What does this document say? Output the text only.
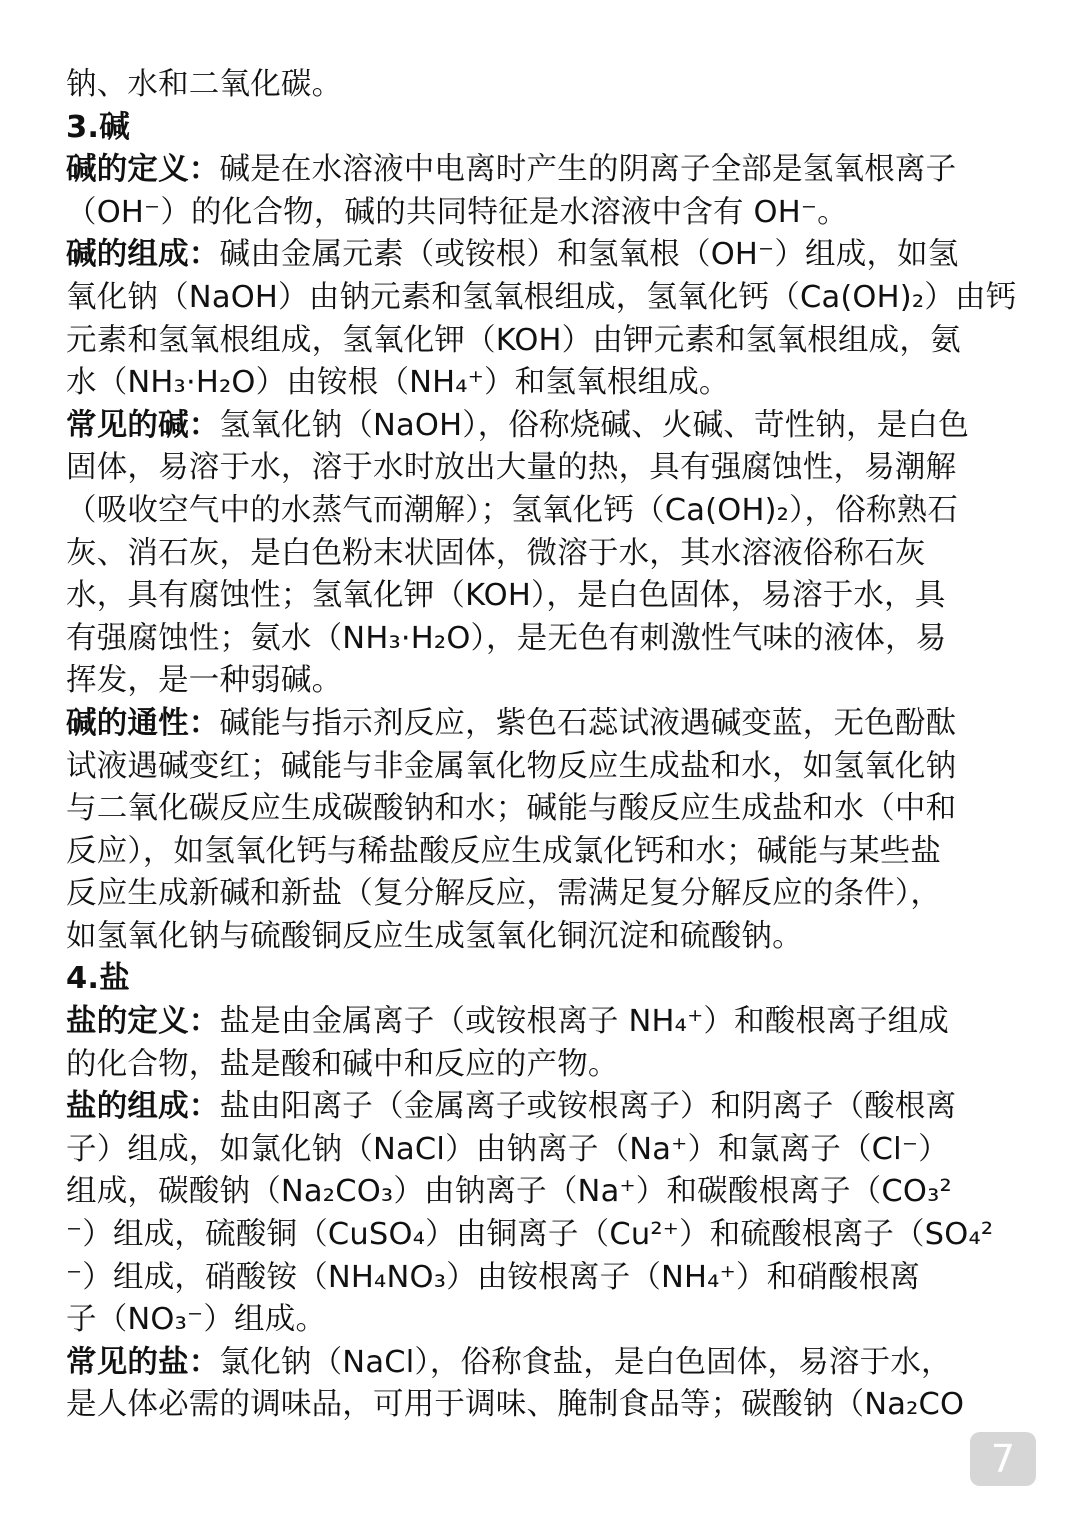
钠、水和二氧化碳。
3.碱
碱的定义：碱是在水溶液中电离时产生的阴离子全部是氢氧根离子
（OH⁻）的化合物，碱的共同特征是水溶液中含有 OH⁻。
碱的组成：碱由金属元素（或铵根）和氢氧根（OH⁻）组成，如氢
氧化钠（NaOH）由钠元素和氢氧根组成，氢氧化钙（Ca(OH)₂）由钙
元素和氢氧根组成，氢氧化钾（KOH）由钾元素和氢氧根组成，氨
水（NH₃·H₂O）由铵根（NH₄⁺）和氢氧根组成。
常见的碱：氢氧化钠（NaOH），俗称烧碱、火碱、苛性钠，是白色
固体，易溶于水，溶于水时放出大量的热，具有强腐蚀性，易潮解
（吸收空气中的水蒸气而潮解）；氢氧化钙（Ca(OH)₂），俗称熟石
灰、消石灰，是白色粉末状固体，微溶于水，其水溶液俗称石灰
水，具有腐蚀性；氢氧化钾（KOH），是白色固体，易溶于水，具
有强腐蚀性；氨水（NH₃·H₂O），是无色有刺激性气味的液体，易
挥发，是一种弱碱。
碱的通性：碱能与指示剂反应，紫色石蕊试液遇碱变蓝，无色酚酞
试液遇碱变红；碱能与非金属氧化物反应生成盐和水，如氢氧化钠
与二氧化碳反应生成碳酸钠和水；碱能与酸反应生成盐和水（中和
反应），如氢氧化钙与稀盐酸反应生成氯化钙和水；碱能与某些盐
反应生成新碱和新盐（复分解反应，需满足复分解反应的条件），
如氢氧化钠与硫酸铜反应生成氢氧化铜沉淀和硫酸钠。
4.盐
盐的定义：盐是由金属离子（或铵根离子 NH₄⁺）和酸根离子组成
的化合物，盐是酸和碱中和反应的产物。
盐的组成：盐由阳离子（金属离子或铵根离子）和阴离子（酸根离
子）组成，如氯化钠（NaCl）由钠离子（Na⁺）和氯离子（Cl⁻）
组成，碳酸钠（Na₂CO₃）由钠离子（Na⁺）和碳酸根离子（CO₃²
⁻）组成，硫酸铜（CuSO₄）由铜离子（Cu²⁺）和硫酸根离子（SO₄²
⁻）组成，硝酸铵（NH₄NO₃）由铵根离子（NH₄⁺）和硝酸根离
子（NO₃⁻）组成。
常见的盐：氯化钠（NaCl），俗称食盐，是白色固体，易溶于水，
是人体必需的调味品，可用于调味、腌制食品等；碳酸钠（Na₂CO
7
